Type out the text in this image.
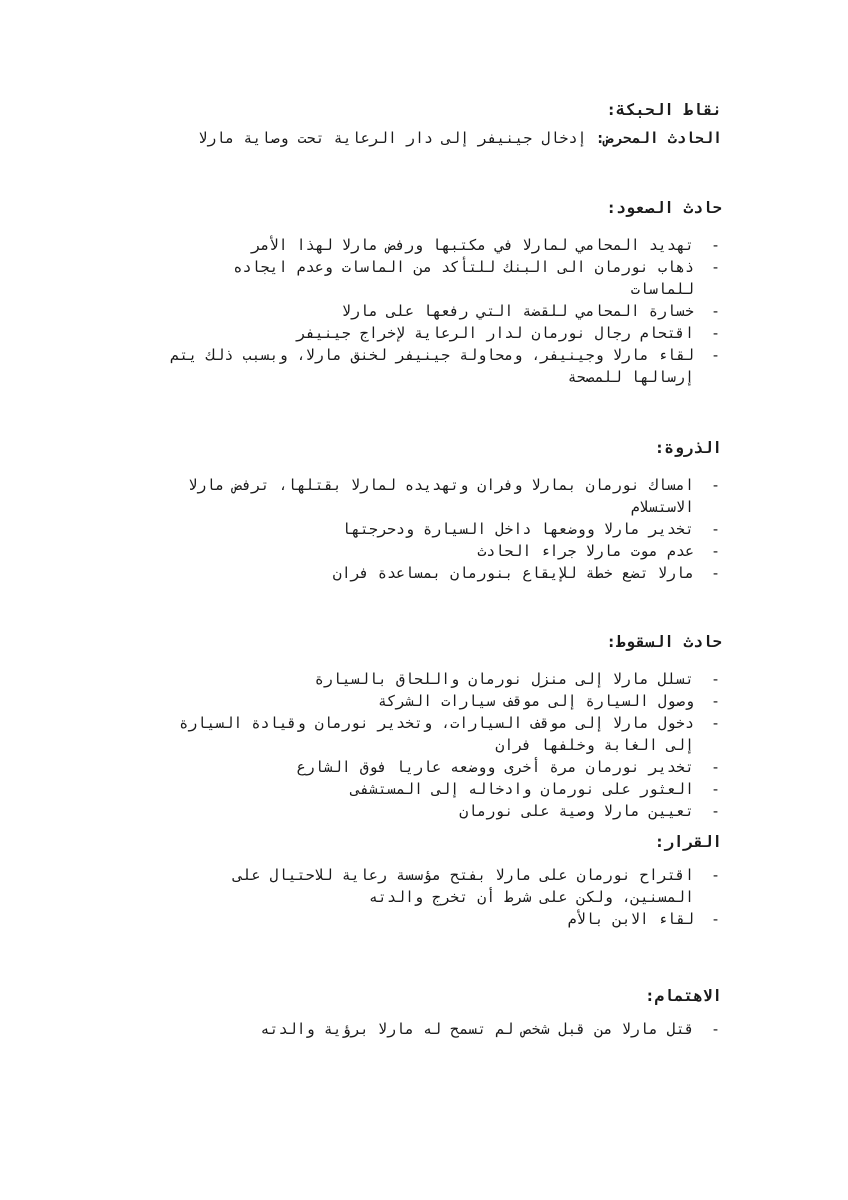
نقاط الحبكة:

الحادث المحرض: إدخال جينيفر إلى دار الرعاية تحت وصاية مارلا

حادث الصعود:

-
تهديد المحامي لمارلا في مكتبها ورفض مارلا لهذا الأمر
-
ذهاب نورمان الى البنك للتأكد من الماسات وعدم ايجاده للماسات
-
خسارة المحامي للقضة التي رفعها على مارلا
-
اقتحام رجال نورمان لدار الرعاية لإخراج جينيفر
-
لقاء مارلا وجينيفر، ومحاولة جينيفر لخنق مارلا، وبسبب ذلك يتم إرسالها للمصحة

الذروة:

-
امساك نورمان بمارلا وفران وتهديده لمارلا بقتلها، ترفض مارلا الاستسلام
-
تخدير مارلا ووضعها داخل السيارة ودحرجتها
-
عدم موت مارلا جراء الحادث
-
مارلا تضع خطة للإيقاع بنورمان بمساعدة فران

حادث السقوط:

-
تسلل مارلا إلى منزل نورمان واللحاق بالسيارة
-
وصول السيارة إلى موقف سيارات الشركة
-
دخول مارلا إلى موقف السيارات، وتخدير نورمان وقيادة السيارة إلى الغابة وخلفها فران
-
تخدير نورمان مرة أخرى ووضعه عاريا فوق الشارع
-
العثور على نورمان وادخاله إلى المستشفى
-
تعيين مارلا وصية على نورمان

القرار:

-
اقتراح نورمان على مارلا بفتح مؤسسة رعاية للاحتيال على المسنين، ولكن على شرط أن تخرج والدته
-
لقاء الابن بالأم

الاهتمام:

-
قتل مارلا من قبل شخص لم تسمح له مارلا برؤية والدته
